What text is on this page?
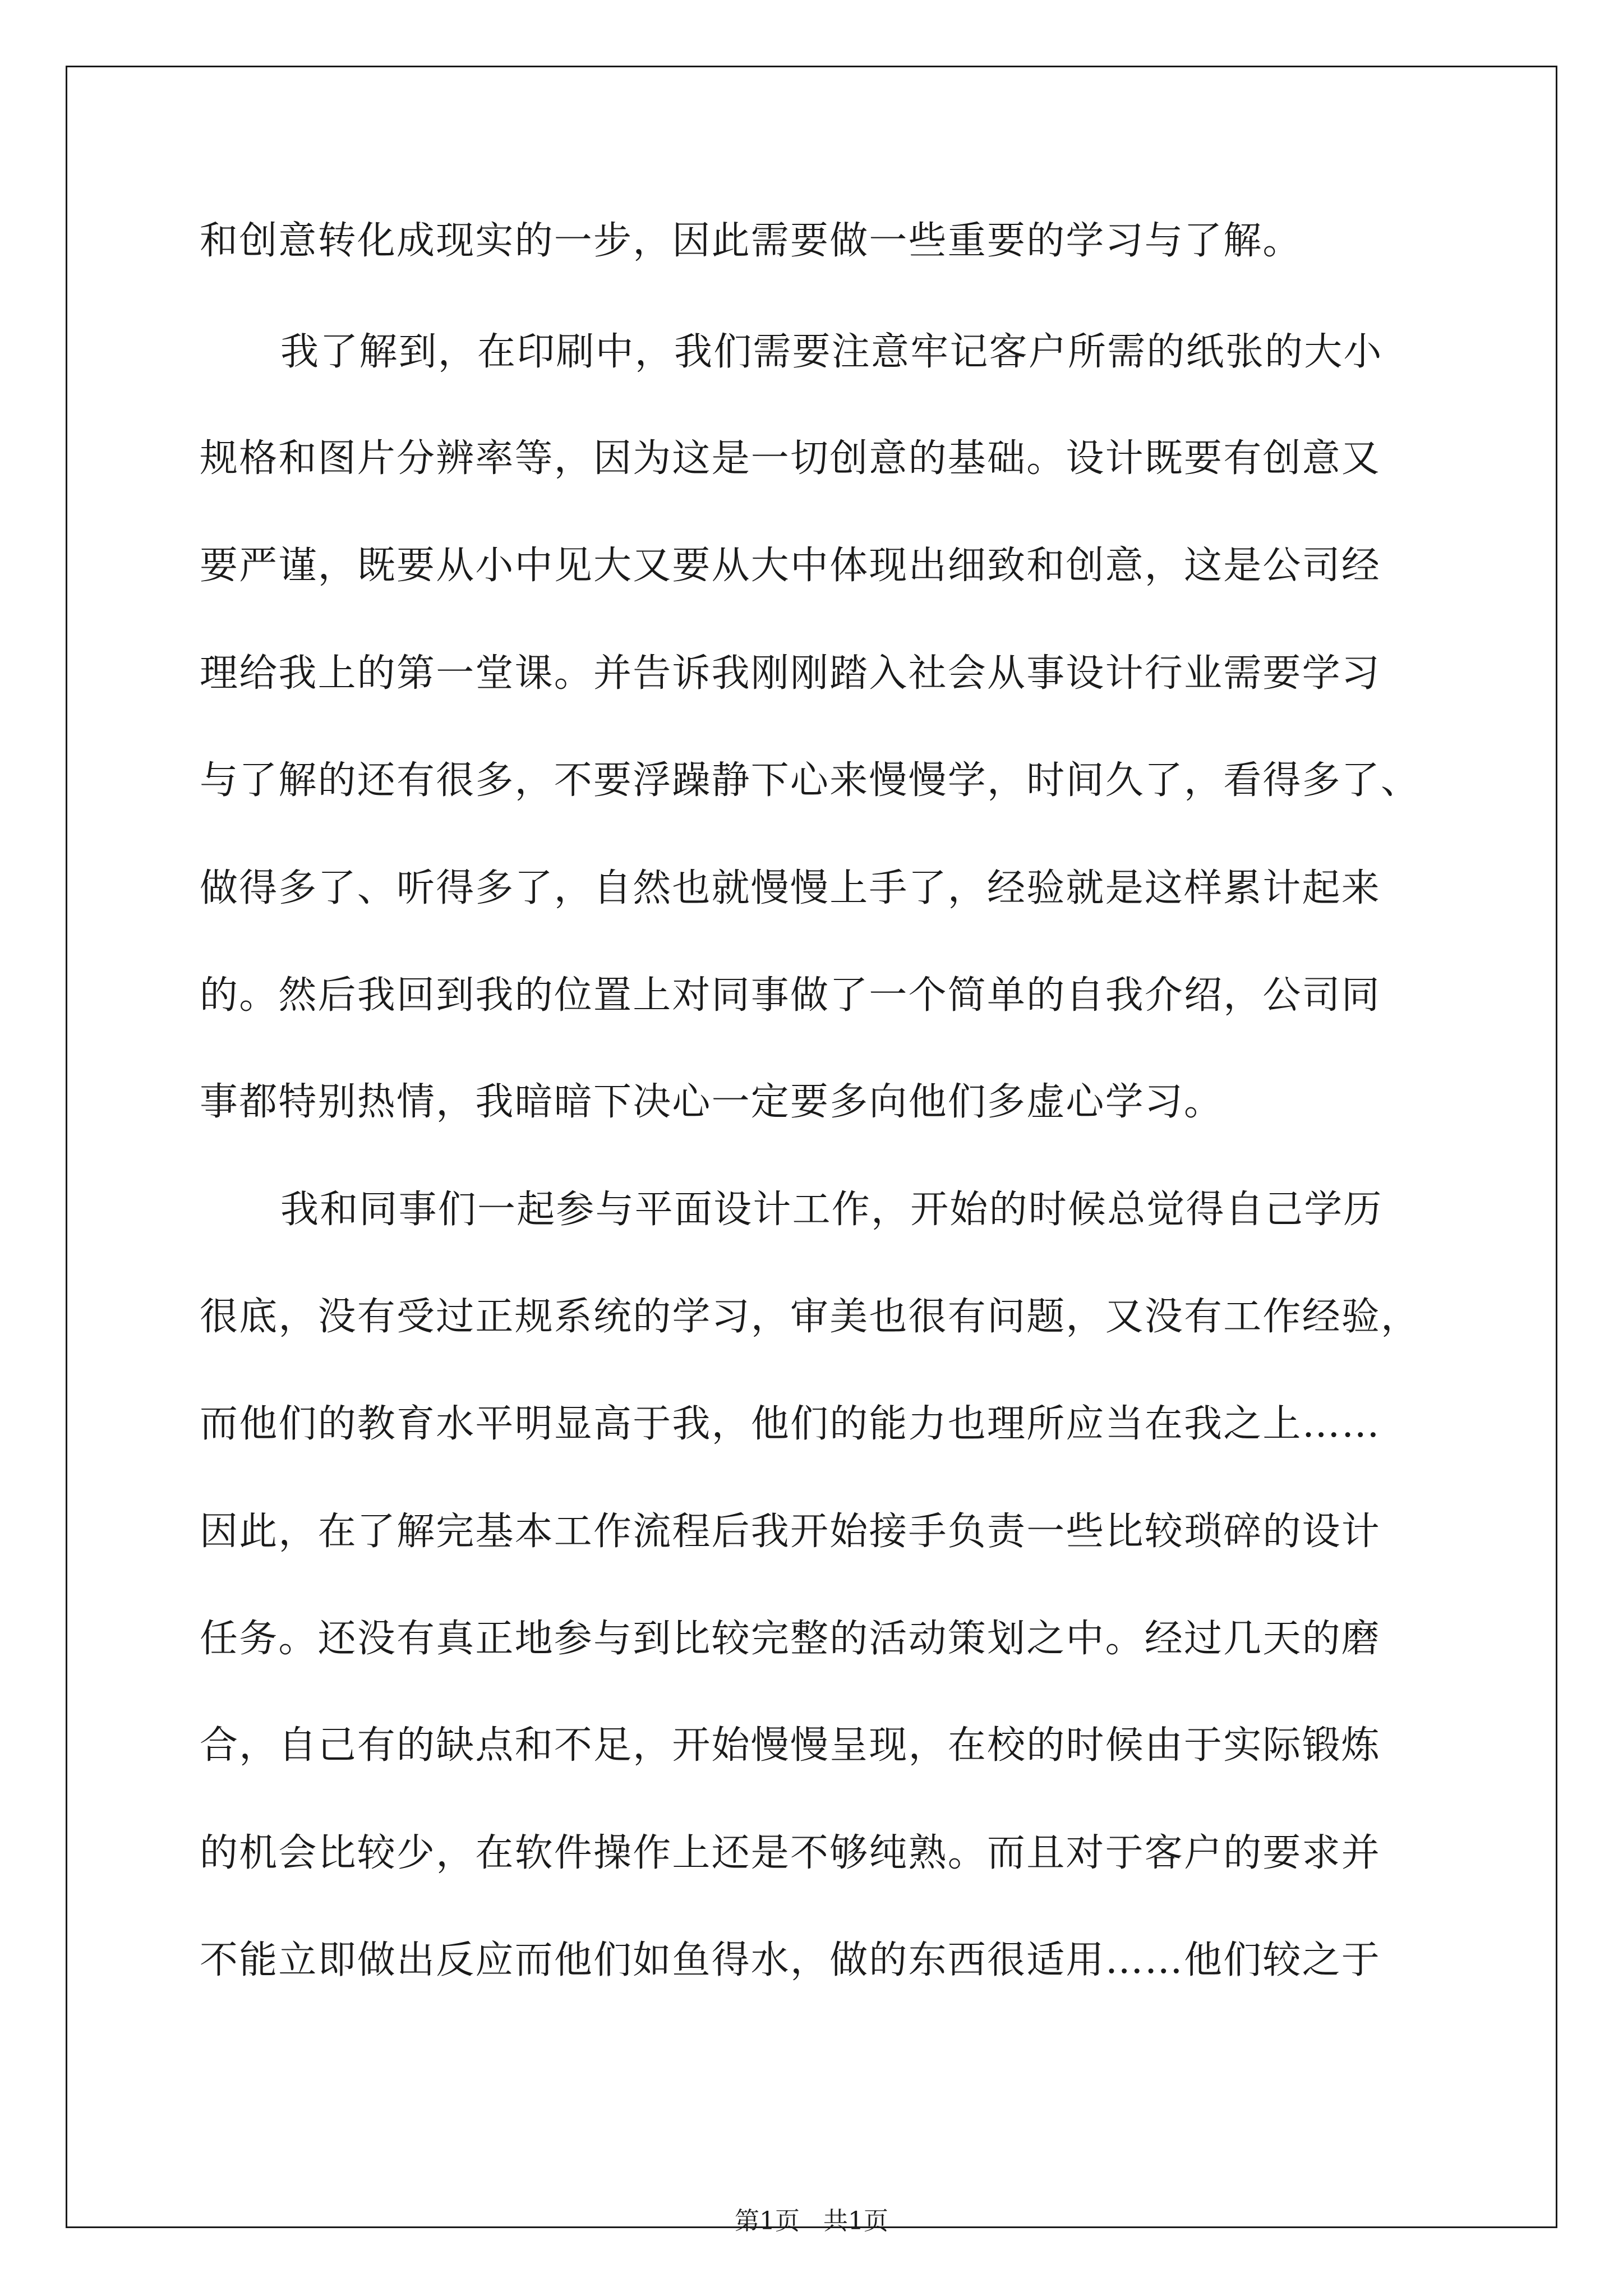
和创意转化成现实的一步，因此需要做一些重要的学习与了解。
我了解到，在印刷中，我们需要注意牢记客户所需的纸张的大小
规格和图片分辨率等，因为这是一切创意的基础。设计既要有创意又
要严谨，既要从小中见大又要从大中体现出细致和创意，这是公司经
理给我上的第一堂课。并告诉我刚刚踏入社会从事设计行业需要学习
与了解的还有很多，不要浮躁静下心来慢慢学，时间久了，看得多了、
做得多了、听得多了，自然也就慢慢上手了，经验就是这样累计起来
的。然后我回到我的位置上对同事做了一个简单的自我介绍，公司同
事都特别热情，我暗暗下决心一定要多向他们多虚心学习。
我和同事们一起参与平面设计工作，开始的时候总觉得自己学历
很底，没有受过正规系统的学习，审美也很有问题，又没有工作经验，
而他们的教育水平明显高于我，他们的能力也理所应当在我之上……
因此，在了解完基本工作流程后我开始接手负责一些比较琐碎的设计
任务。还没有真正地参与到比较完整的活动策划之中。经过几天的磨
合，自己有的缺点和不足，开始慢慢呈现，在校的时候由于实际锻炼
的机会比较少，在软件操作上还是不够纯熟。而且对于客户的要求并
不能立即做出反应而他们如鱼得水，做的东西很适用……他们较之于
第1页 共1页
